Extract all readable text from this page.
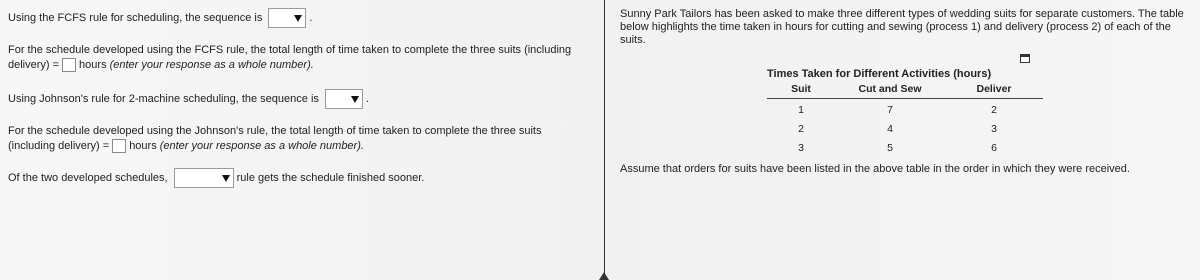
Using the FCFS rule for scheduling, the sequence is	.
For the schedule developed using the FCFS rule, the total length of time taken to complete the three suits (including
delivery) = hours (enter your response as a whole number).
Using Johnson's rule for 2-machine scheduling, the sequence is	.
For the schedule developed using the Johnson's rule, the total length of time taken to complete the three suits
(including delivery) = hours (enter your response as a whole number).
Of the two developed schedules,	rule gets the schedule finished sooner.
Sunny Park Tailors has been asked to make three different types of wedding suits for separate customers. The table below highlights the time taken in hours for cutting and sewing (process 1) and delivery (process 2) of each of the suits.
Times Taken for Different Activities (hours)
Suit	Cut and Sew	Deliver
1	7	2
2	4	3
3	5	6
Assume that orders for suits have been listed in the above table in the order in which they were received.
